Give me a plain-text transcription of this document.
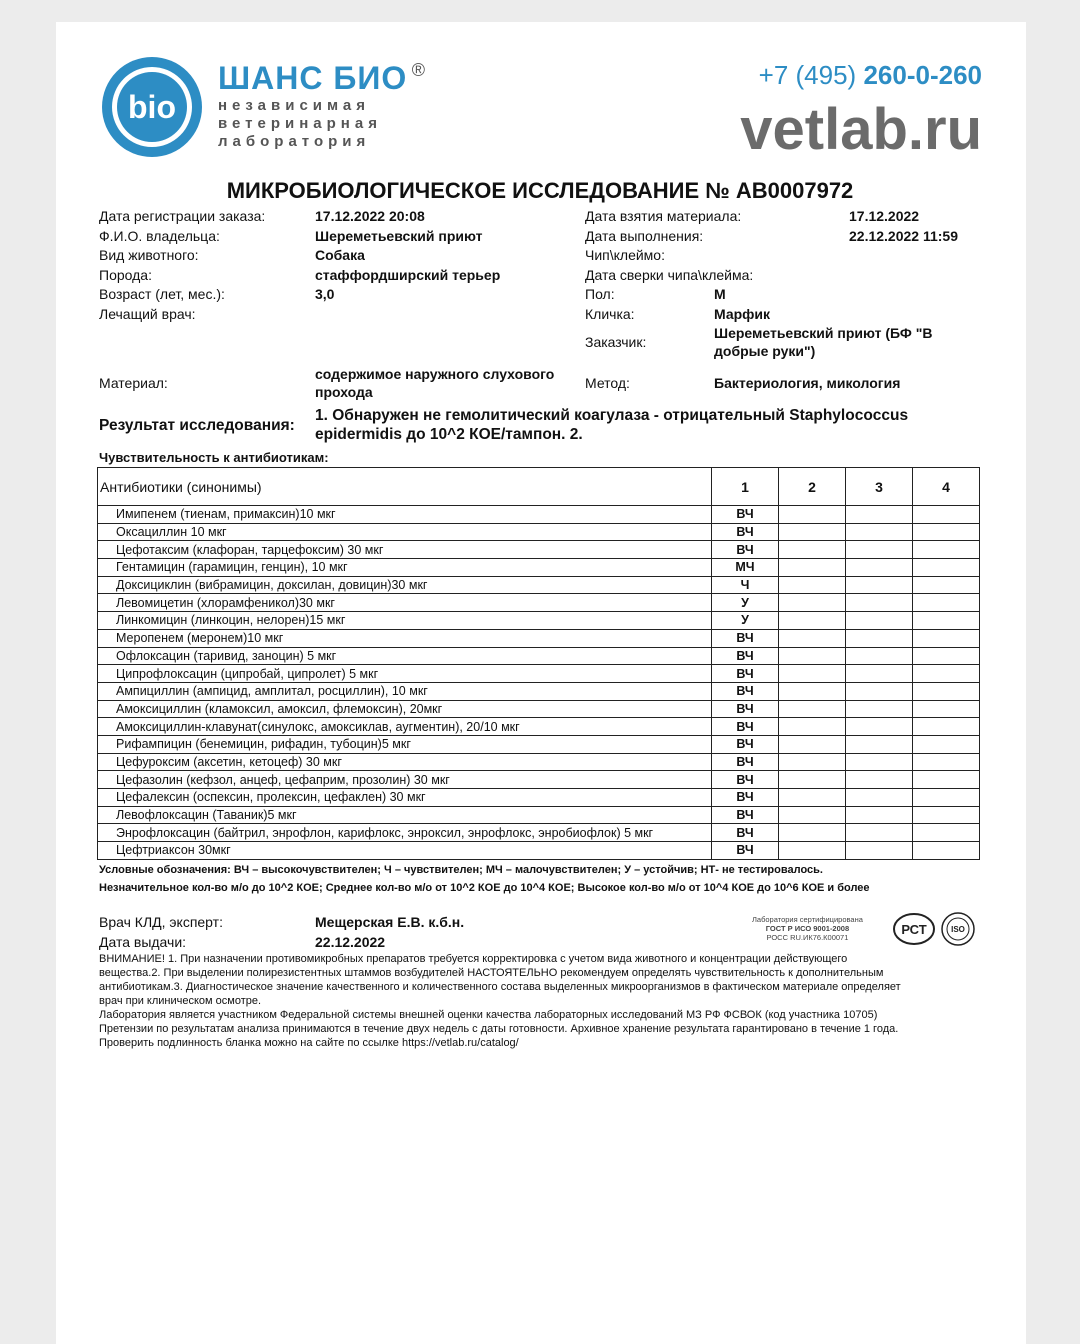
bio
ШАНС БИО ®
независимая
ветеринарная
лаборатория
+7 (495) 260-0-260
vetlab.ru
МИКРОБИОЛОГИЧЕСКОЕ ИССЛЕДОВАНИЕ № АВ0007972
Дата регистрации заказа:	17.12.2022 20:08
Ф.И.О. владельца:	Шереметьевский приют
Вид животного:	Собака
Порода:	стаффордширский терьер
Возраст (лет, мес.):	3,0
Лечащий врач:
Дата взятия материала:	17.12.2022
Дата выполнения:	22.12.2022 11:59
Чип\клеймо:
Дата сверки чипа\клейма:
Пол:	М
Кличка:	Марфик
Заказчик:
Шереметьевский приют (БФ "В
добрые руки")
Материал:
содержимое наружного слухового
прохода
Метод:	Бактериология, микология
Результат исследования:
1. Обнаружен не гемолитический коагулаза - отрицательный Staphylococcus
epidermidis до 10^2 КОЕ/тампон. 2.
Чувствительность к антибиотикам:
Антибиотики (синонимы)	1	2	3	4
Имипенем (тиенам, примаксин)10 мкг	ВЧ			
Оксациллин 10 мкг	ВЧ			
Цефотаксим (клафоран, тарцефоксим) 30 мкг	ВЧ			
Гентамицин (гарамицин, генцин), 10 мкг	МЧ			
Доксициклин (вибрамицин, доксилан, довицин)30 мкг	Ч			
Левомицетин (хлорамфеникол)30 мкг	У			
Линкомицин (линкоцин, нелорен)15 мкг	У			
Меропенем (меронем)10 мкг	ВЧ			
Офлоксацин (таривид, заноцин) 5 мкг	ВЧ			
Ципрофлоксацин (ципробай, ципролет) 5 мкг	ВЧ			
Ампициллин (ампицид, амплитал, росциллин), 10 мкг	ВЧ			
Амоксициллин (кламоксил, амоксил, флемоксин), 20мкг	ВЧ			
Амоксициллин-клавунат(синулокс, амоксиклав, аугментин), 20/10 мкг	ВЧ			
Рифампицин (бенемицин, рифадин, тубоцин)5 мкг	ВЧ			
Цефуроксим (аксетин, кетоцеф) 30 мкг	ВЧ			
Цефазолин (кефзол, анцеф, цефаприм, прозолин) 30 мкг	ВЧ			
Цефалексин (оспексин, пролексин, цефаклен) 30 мкг	ВЧ			
Левофлоксацин (Таваник)5 мкг	ВЧ			
Энрофлоксацин (байтрил, энрофлон, карифлокс, энроксил, энрофлокс, энробиофлок) 5 мкг	ВЧ			
Цефтриаксон 30мкг	ВЧ			
Условные обозначения: ВЧ – высокочувствителен; Ч – чувствителен; МЧ – малочувствителен; У – устойчив; НТ- не тестировалось.
Незначительное кол-во м/о до 10^2 КОЕ; Среднее кол-во м/о от 10^2 КОЕ до 10^4 КОЕ; Высокое кол-во м/о от 10^4 КОЕ до 10^6 КОЕ и более
Врач КЛД, эксперт:	Мещерская Е.В. к.б.н.
Дата выдачи:	22.12.2022
Лаборатория сертифицирована
ГОСТ Р ИСО 9001-2008
РОСС RU.ИК76.К00071
РСТ	ISO
ВНИМАНИЕ! 1. При назначении противомикробных препаратов требуется корректировка с учетом вида животного и концентрации действующего
вещества.2. При выделении полирезистентных штаммов возбудителей НАСТОЯТЕЛЬНО рекомендуем определять чувствительность к дополнительным
антибиотикам.3. Диагностическое значение качественного и количественного состава выделенных микроорганизмов в фактическом материале определяет
врач при клиническом осмотре.
Лаборатория является участником Федеральной системы внешней оценки качества лабораторных исследований МЗ РФ ФСВОК (код участника 10705)
Претензии по результатам анализа принимаются в течение двух недель с даты готовности. Архивное хранение результата гарантировано в течение 1 года.
Проверить подлинность бланка можно на сайте по ссылке https://vetlab.ru/catalog/
